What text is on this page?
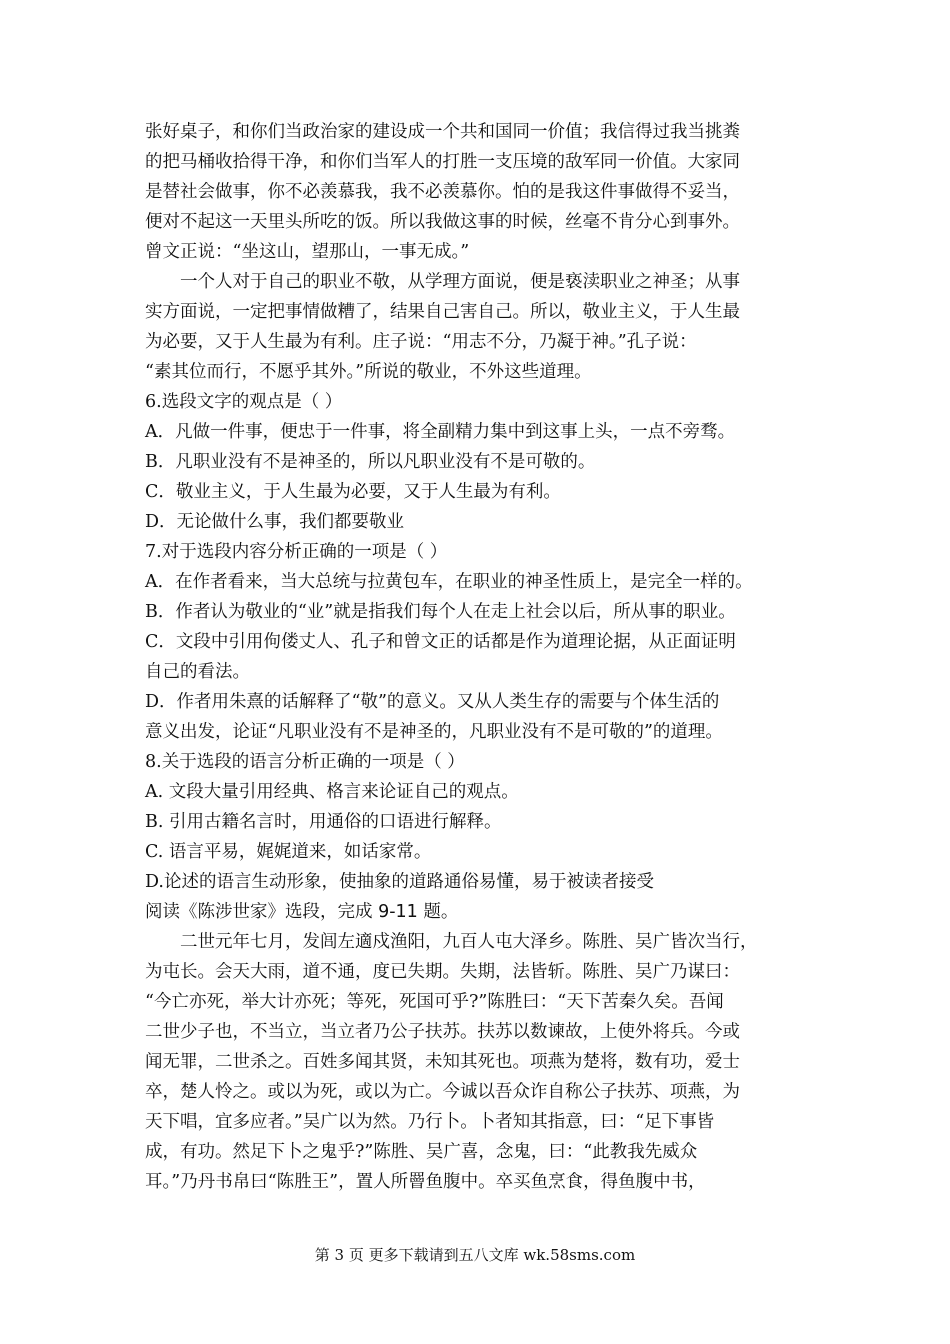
张好桌子，和你们当政治家的建设成一个共和国同一价值；我信得过我当挑粪
的把马桶收拾得干净，和你们当军人的打胜一支压境的敌军同一价值。大家同
是替社会做事，你不必羡慕我，我不必羡慕你。怕的是我这件事做得不妥当，
便对不起这一天里头所吃的饭。所以我做这事的时候，丝毫不肯分心到事外。
曾文正说：“坐这山，望那山，一事无成。”
一个人对于自己的职业不敬，从学理方面说，便是亵渎职业之神圣；从事
实方面说，一定把事情做糟了，结果自己害自己。所以，敬业主义，于人生最
为必要，又于人生最为有利。庄子说：“用志不分，乃凝于神。”孔子说：
“素其位而行，不愿乎其外。”所说的敬业，不外这些道理。
6.选段文字的观点是（ ）
A．凡做一件事，便忠于一件事，将全副精力集中到这事上头，一点不旁骛。
B．凡职业没有不是神圣的，所以凡职业没有不是可敬的。
C．敬业主义，于人生最为必要，又于人生最为有利。
D．无论做什么事，我们都要敬业
7.对于选段内容分析正确的一项是（ ）
A．在作者看来，当大总统与拉黄包车，在职业的神圣性质上，是完全一样的。
B．作者认为敬业的“业”就是指我们每个人在走上社会以后，所从事的职业。
C．文段中引用佝偻丈人、孔子和曾文正的话都是作为道理论据，从正面证明
自己的看法。
D．作者用朱熹的话解释了“敬”的意义。又从人类生存的需要与个体生活的
意义出发，论证“凡职业没有不是神圣的，凡职业没有不是可敬的”的道理。
8.关于选段的语言分析正确的一项是（ ）
A. 文段大量引用经典、格言来论证自己的观点。
B. 引用古籍名言时，用通俗的口语进行解释。
C. 语言平易，娓娓道来，如话家常。
D.论述的语言生动形象，使抽象的道路通俗易懂，易于被读者接受
阅读《陈涉世家》选段，完成 9-11 题。
二世元年七月，发闾左適戍渔阳，九百人屯大泽乡。陈胜、吴广皆次当行，
为屯长。会天大雨，道不通，度已失期。失期，法皆斩。陈胜、吴广乃谋曰：
“今亡亦死，举大计亦死；等死，死国可乎?”陈胜曰：“天下苦秦久矣。吾闻
二世少子也，不当立，当立者乃公子扶苏。扶苏以数谏故，上使外将兵。今或
闻无罪，二世杀之。百姓多闻其贤，未知其死也。项燕为楚将，数有功，爱士
卒，楚人怜之。或以为死，或以为亡。今诚以吾众诈自称公子扶苏、项燕，为
天下唱，宜多应者。”吴广以为然。乃行卜。卜者知其指意，曰：“足下事皆
成，有功。然足下卜之鬼乎?”陈胜、吴广喜，念鬼，曰：“此教我先威众
耳。”乃丹书帛曰“陈胜王”，置人所罾鱼腹中。卒买鱼烹食，得鱼腹中书，
第 3 页 更多下载请到五八文库 wk.58sms.com
